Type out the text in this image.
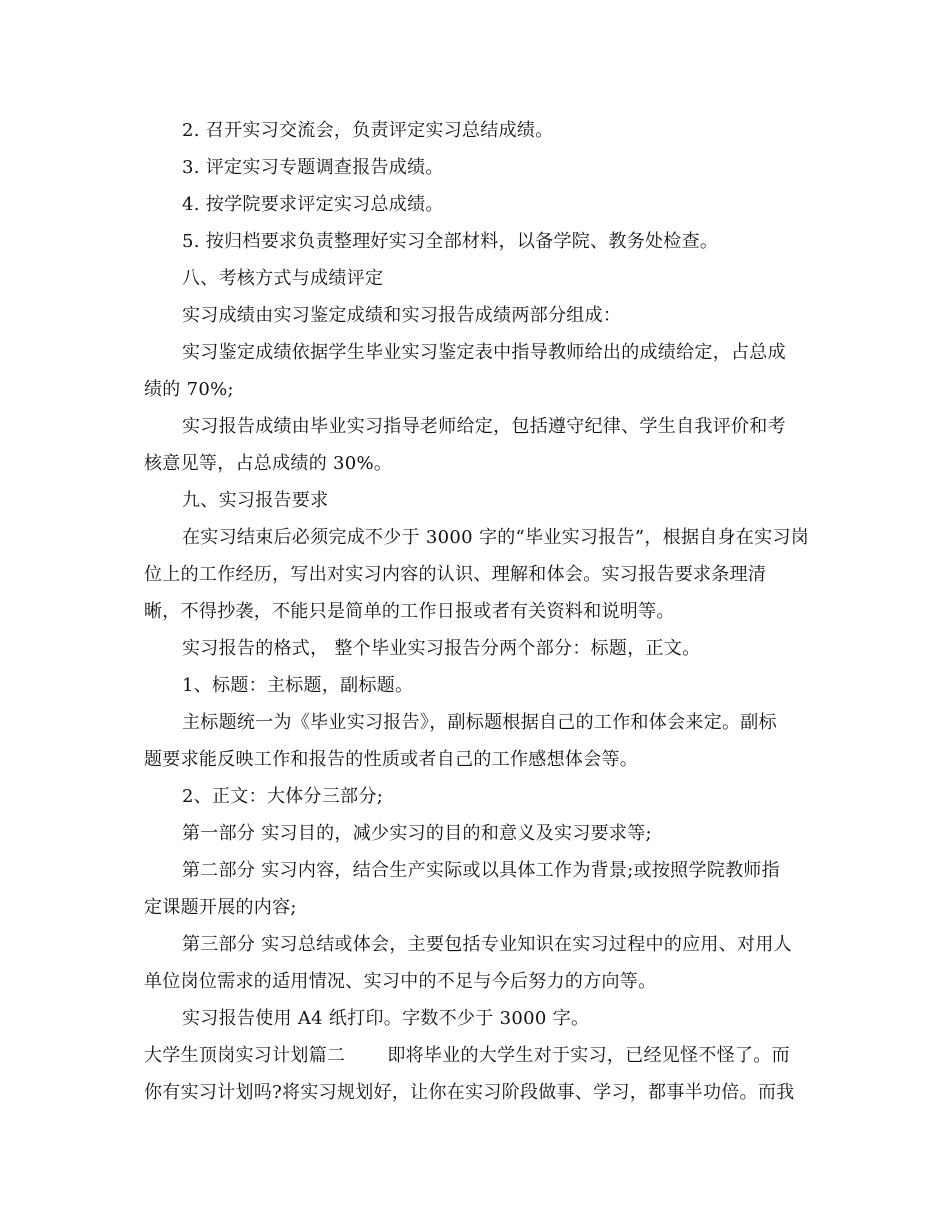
2. 召开实习交流会，负责评定实习总结成绩。

3. 评定实习专题调查报告成绩。

4. 按学院要求评定实习总成绩。

5. 按归档要求负责整理好实习全部材料，以备学院、教务处检查。

八、考核方式与成绩评定

实习成绩由实习鉴定成绩和实习报告成绩两部分组成：

实习鉴定成绩依据学生毕业实习鉴定表中指导教师给出的成绩给定，占总成
绩的 70%;
实习报告成绩由毕业实习指导老师给定，包括遵守纪律、学生自我评价和考
核意见等，占总成绩的 30%。

九、实习报告要求

在实习结束后必须完成不少于 3000 字的“毕业实习报告”，根据自身在实习岗
位上的工作经历，写出对实习内容的认识、理解和体会。实习报告要求条理清
晰，不得抄袭，不能只是简单的工作日报或者有关资料和说明等。

实习报告的格式， 整个毕业实习报告分两个部分：标题，正文。

1、标题：主标题，副标题。

主标题统一为《毕业实习报告》，副标题根据自己的工作和体会来定。副标
题要求能反映工作和报告的性质或者自己的工作感想体会等。

2、正文：大体分三部分;

第一部分 实习目的，减少实习的目的和意义及实习要求等;

第二部分 实习内容，结合生产实际或以具体工作为背景;或按照学院教师指
定课题开展的内容;
第三部分 实习总结或体会，主要包括专业知识在实习过程中的应用、对用人
单位岗位需求的适用情况、实习中的不足与今后努力的方向等。

实习报告使用 A4 纸打印。字数不少于 3000 字。

大学生顶岗实习计划篇二 即将毕业的大学生对于实习，已经见怪不怪了。而
你有实习计划吗?将实习规划好，让你在实习阶段做事、学习，都事半功倍。而我
